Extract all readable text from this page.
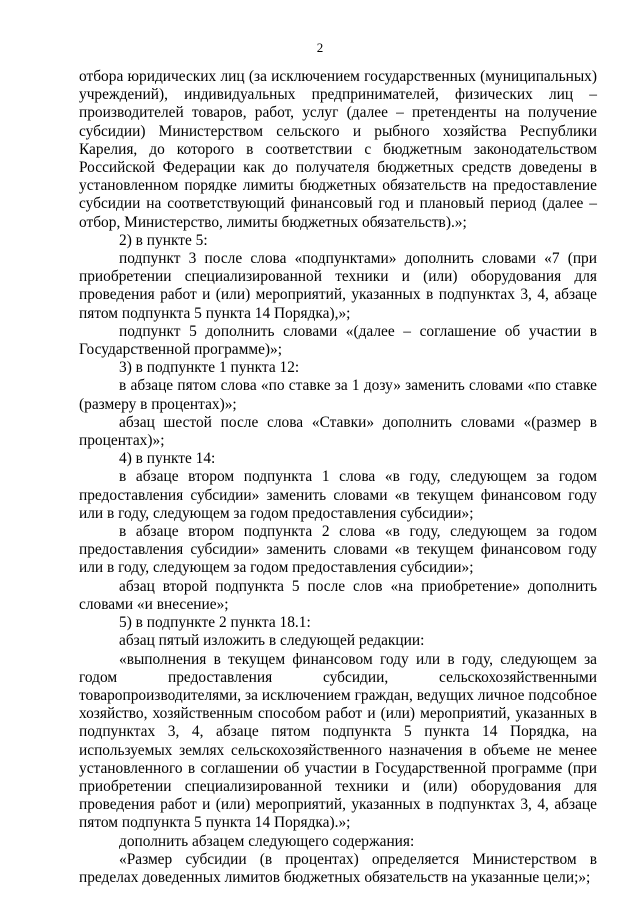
2

отбора юридических лиц (за исключением государственных (муниципальных) учреждений), индивидуальных предпринимателей, физических лиц – производителей товаров, работ, услуг (далее – претенденты на получение субсидии) Министерством сельского и рыбного хозяйства Республики Карелия, до которого в соответствии с бюджетным законодательством Российской Федерации как до получателя бюджетных средств доведены в установленном порядке лимиты бюджетных обязательств на предоставление субсидии на соответствующий финансовый год и плановый период (далее – отбор, Министерство, лимиты бюджетных обязательств).»;

2) в пункте 5:

подпункт 3 после слова «подпунктами» дополнить словами «7 (при приобретении специализированной техники и (или) оборудования для проведения работ и (или) мероприятий, указанных в подпунктах 3, 4, абзаце пятом подпункта 5 пункта 14 Порядка),»;

подпункт 5 дополнить словами «(далее – соглашение об участии в Государственной программе)»;

3) в подпункте 1 пункта 12:

в абзаце пятом слова «по ставке за 1 дозу» заменить словами «по ставке (размеру в процентах)»;

абзац шестой после слова «Ставки» дополнить словами «(размер в процентах)»;

4) в пункте 14:

в абзаце втором подпункта 1 слова «в году, следующем за годом предоставления субсидии» заменить словами «в текущем финансовом году или в году, следующем за годом предоставления субсидии»;

в абзаце втором подпункта 2 слова «в году, следующем за годом предоставления субсидии» заменить словами «в текущем финансовом году или в году, следующем за годом предоставления субсидии»;

абзац второй подпункта 5 после слов «на приобретение» дополнить словами «и внесение»;

5) в подпункте 2 пункта 18.1:

абзац пятый изложить в следующей редакции:

«выполнения в текущем финансовом году или в году, следующем за годом предоставления субсидии, сельскохозяйственными товаропроизводителями, за исключением граждан, ведущих личное подсобное хозяйство, хозяйственным способом работ и (или) мероприятий, указанных в подпунктах 3, 4, абзаце пятом подпункта 5 пункта 14 Порядка, на используемых землях сельскохозяйственного назначения в объеме не менее установленного в соглашении об участии в Государственной программе (при приобретении специализированной техники и (или) оборудования для проведения работ и (или) мероприятий, указанных в подпунктах 3, 4, абзаце пятом подпункта 5 пункта 14 Порядка).»;

дополнить абзацем следующего содержания:

«Размер субсидии (в процентах) определяется Министерством в пределах доведенных лимитов бюджетных обязательств на указанные цели;»;
